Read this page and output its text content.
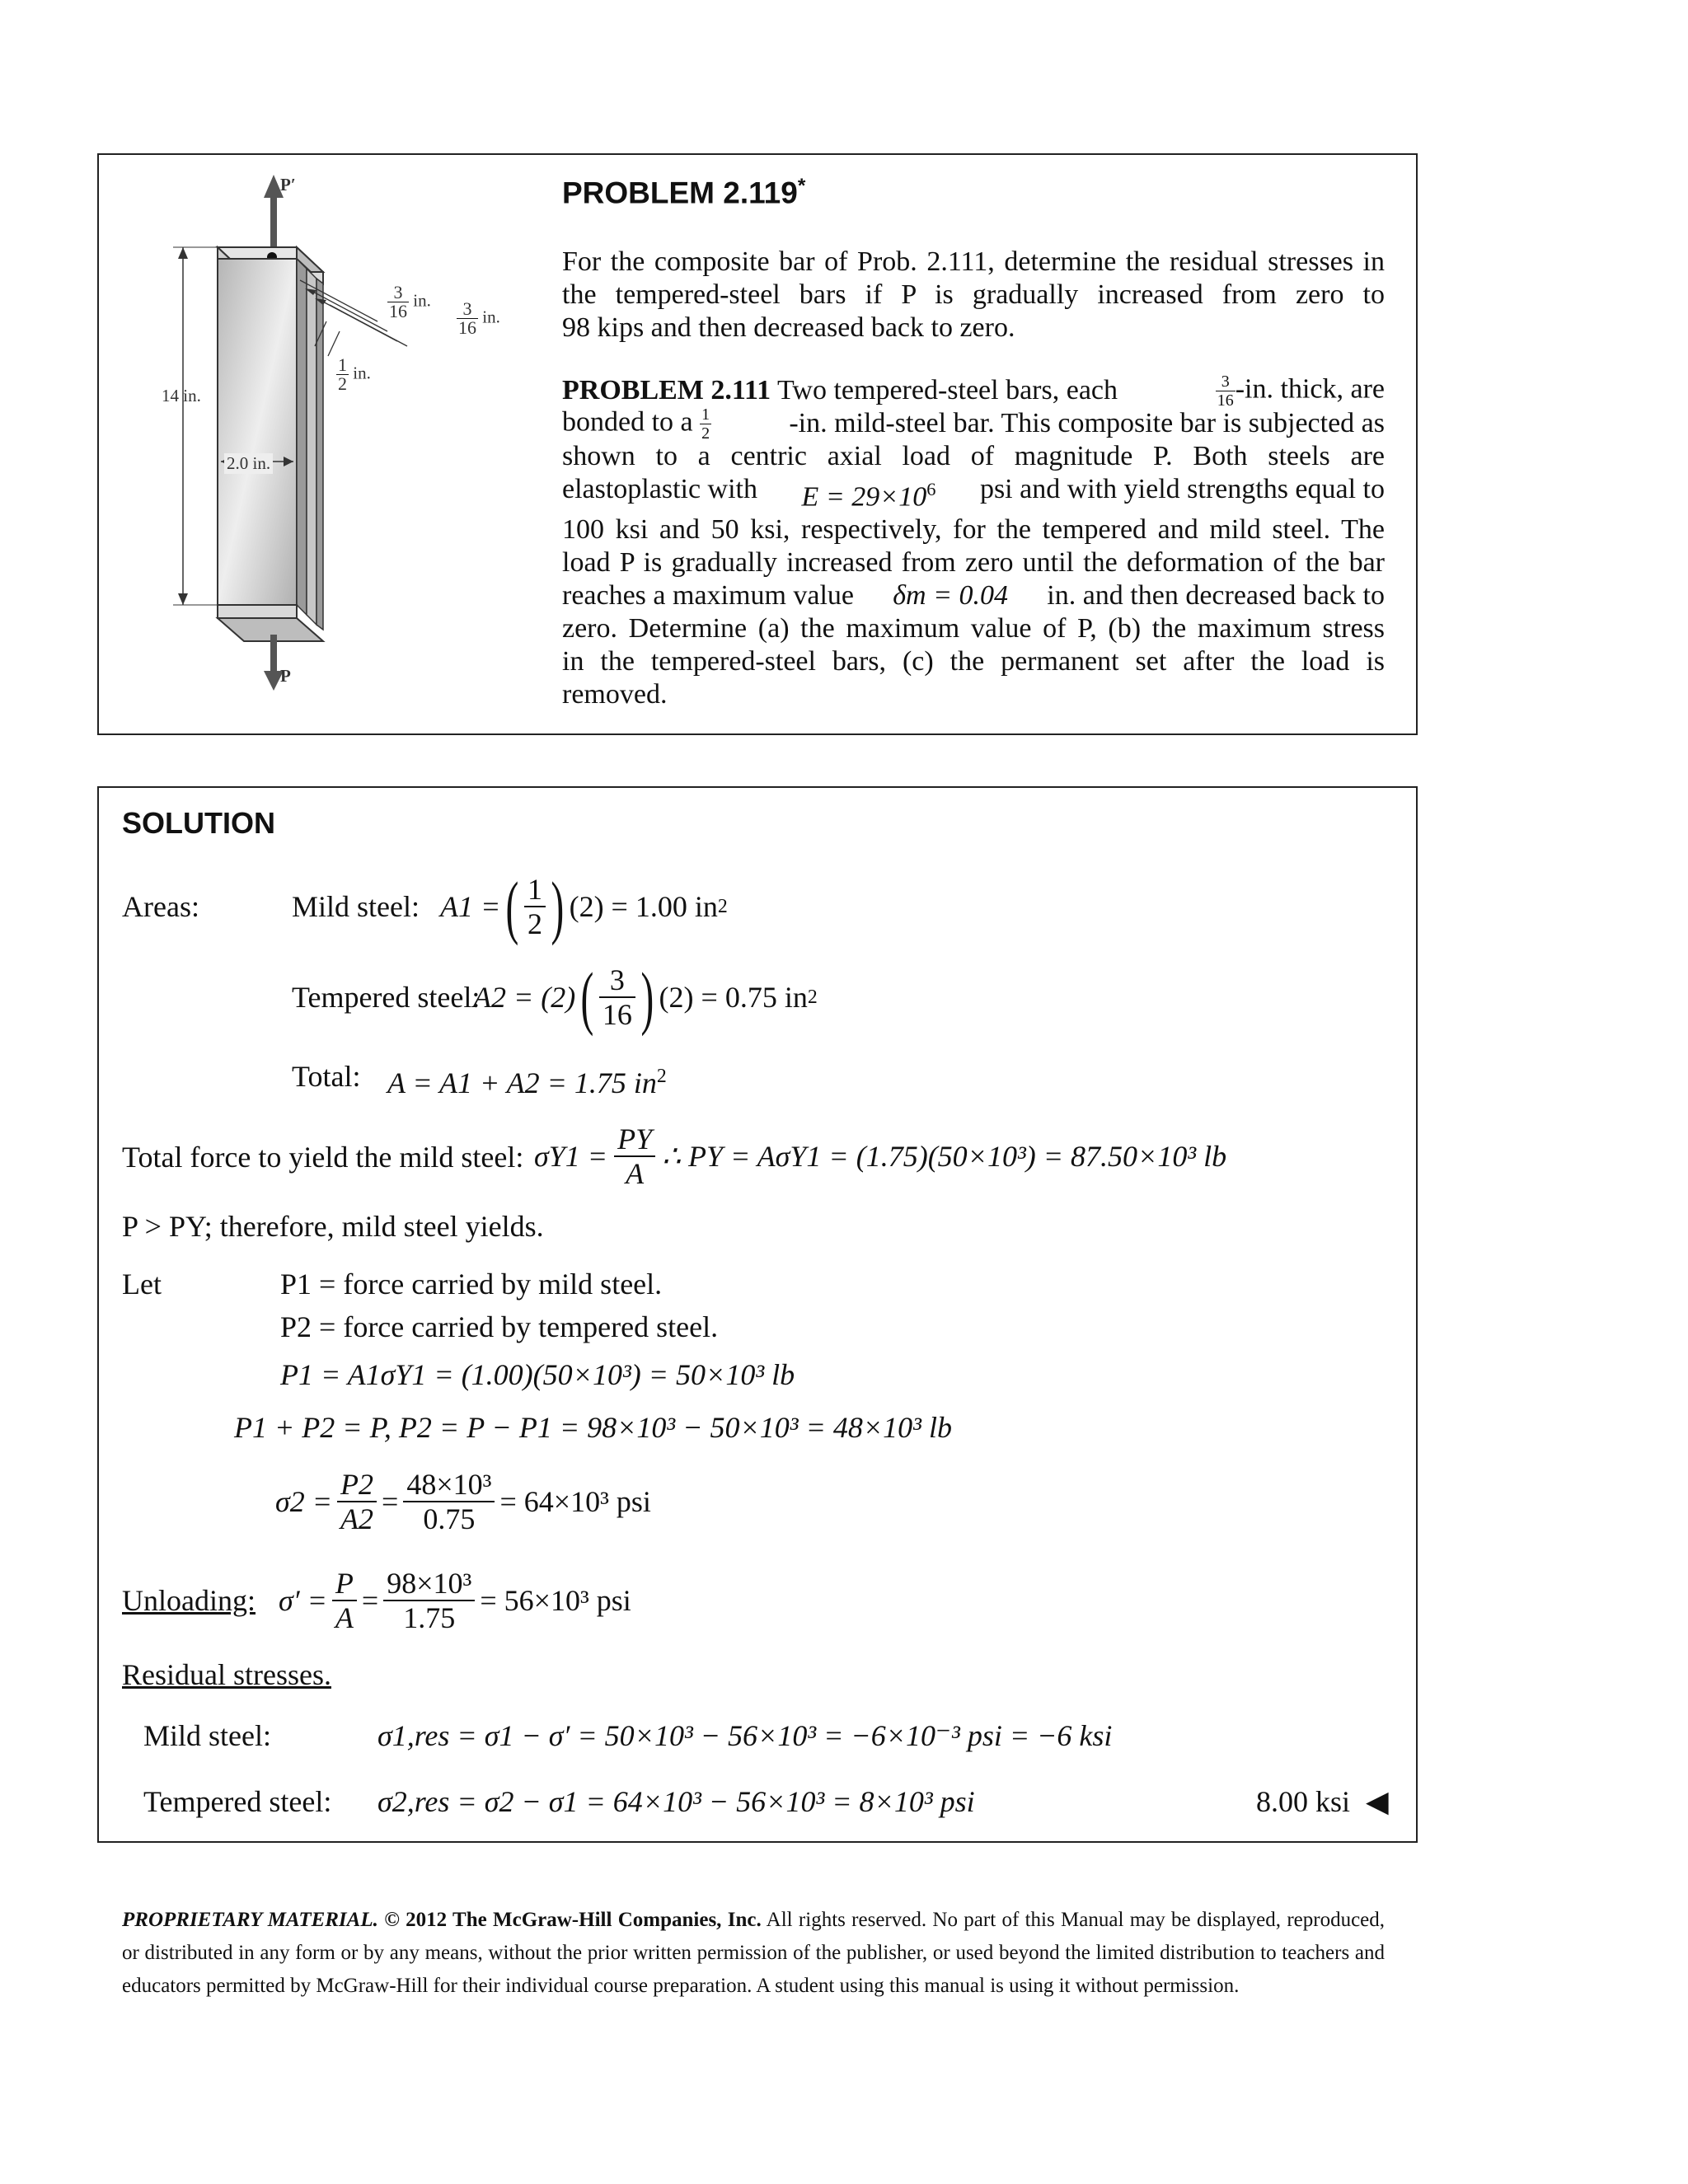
P′
P
14 in.
2.0 in.
$\frac{3}{16}$ in. $\frac{3}{16}$ in.
$\frac{1}{2}$ in.
PROBLEM 2.119*
For the composite bar of Prob. 2.111, determine the residual stresses in
the tempered-steel bars if P is gradually increased from zero to
98 kips and then decreased back to zero.
PROBLEM 2.111 Two tempered-steel bars, each	$\frac{3}{16} -in$. thick, are
bonded to a $\frac{1}{2}$	-in. mild-steel bar. This composite bar is subjected as
shown to a centric axial load of magnitude P. Both steels are
elastoplastic with $E = 29\times 10^6$ psi and with yield strengths equal to
100 ksi and 50 ksi, respectively, for the tempered and mild steel. The
load P is gradually increased from zero until the deformation of the bar
reaches a maximum value δm = 0.04 in. and then decreased back to
zero. Determine (a) the maximum value of P, (b) the maximum stress
in the tempered-steel bars, (c) the permanent set after the load is
removed.
SOLUTION
Areas:	Mild steel: A1 = ( $\frac{1}{2}$ ) (2) = 1.00 in 2
Tempered steel:
A2 = (2) ( $\frac{3}{16}$ ) (2) = 0.75 in 2
Total: A = A1 + A2 = 1.75 $in^2$
Total force to yield the mild steel: $\sigma Y1 = \frac{PY}{A}$ ∴ PY = AσY1 = (1.75)(50×10³) = 87.50×10³ lb
P > PY; therefore, mild steel yields.
Let	P1 = force carried by mild steel.
P2 = force carried by tempered steel.
P1 = A1σY1 = (1.00)(50×10³) = 50×10³ lb
P1 + P2 = P, P2 = P − P1 = 98×10³ − 50×10³ = 48×10³ lb
$\sigma 2 = \frac{P2}{A2} = \frac{\text{48×10³}}{0.75} = 64\times 10^3$ psi
Unloading: $\sigma' = \frac{P}{A} = \frac{\text{98×10³}}{1.75} = 56\times 10^3$ psi
Residual stresses.
Mild steel:	σ1,res = σ1 − σ′ = 50×10³ − 56×10³ = −6×10⁻³ psi = −6 ksi
Tempered steel: σ2,res = σ2 − σ1 = 64×10³ − 56×10³ = 8×10³ psi	8.00 ksi ◀
PROPRIETARY MATERIAL. © 2012 The McGraw-Hill Companies, Inc. All rights reserved. No part of this Manual may be displayed, reproduced, or distributed in any form or by any means, without the prior written permission of the publisher, or used beyond the limited distribution to teachers and educators permitted by McGraw-Hill for their individual course preparation. A student using this manual is using it without permission.
